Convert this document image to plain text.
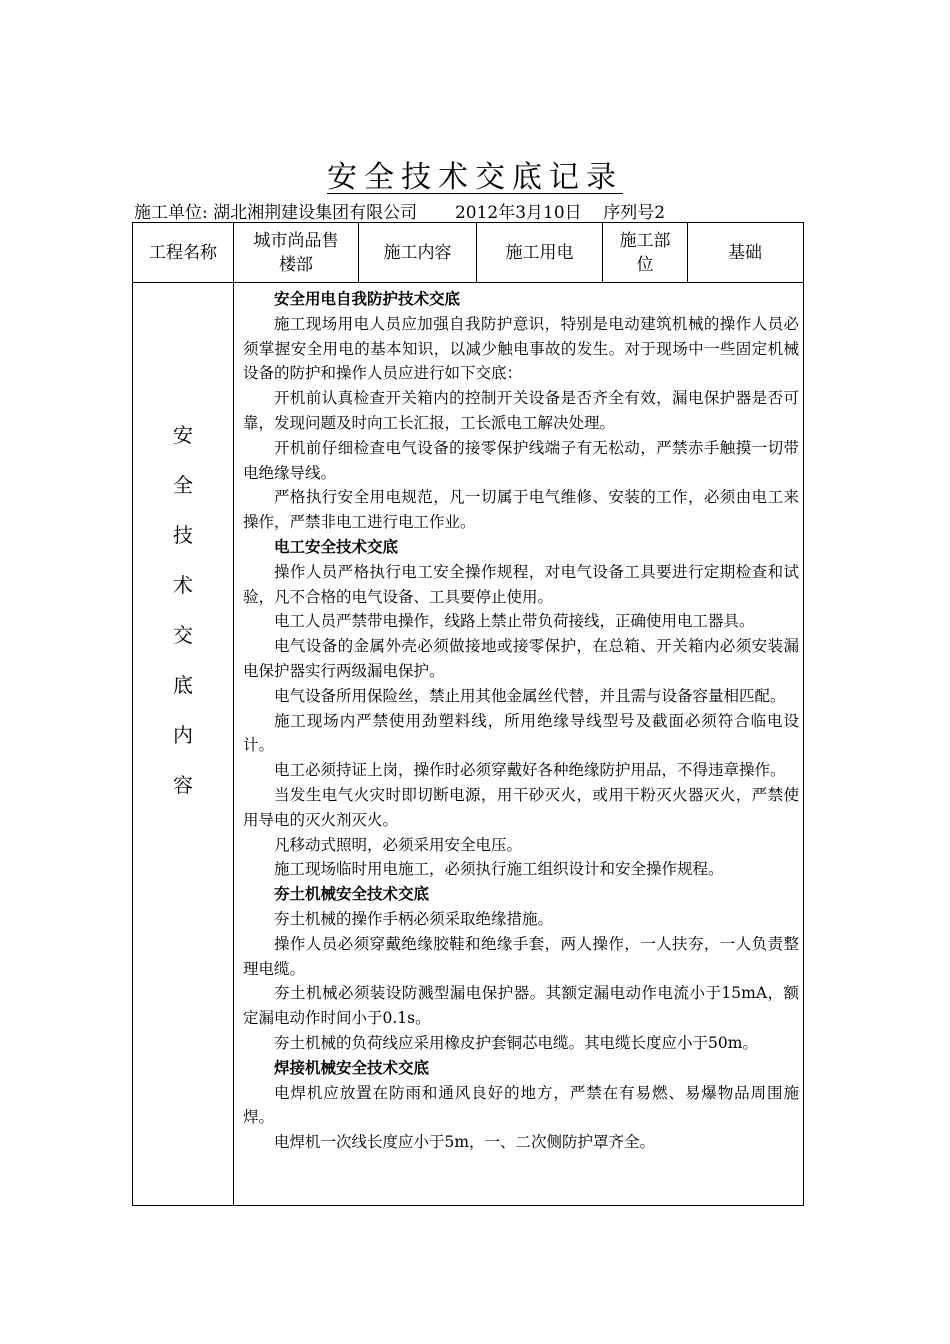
安全技术交底记录
施工单位: 湖北湘荆建设集团有限公司       2012年3月10日    序列号2
工程名称
城市尚品售楼部
施工内容	施工用电
施工部位
基础
安
全
技
术
交
底
内
容

安全用电自我防护技术交底

施工现场用电人员应加强自我防护意识，特别是电动建筑机械的操作人员必须掌握安全用电的基本知识，以减少触电事故的发生。对于现场中一些固定机械设备的防护和操作人员应进行如下交底：

开机前认真检查开关箱内的控制开关设备是否齐全有效，漏电保护器是否可靠，发现问题及时向工长汇报，工长派电工解决处理。

开机前仔细检查电气设备的接零保护线端子有无松动，严禁赤手触摸一切带电绝缘导线。

严格执行安全用电规范，凡一切属于电气维修、安装的工作，必须由电工来操作，严禁非电工进行电工作业。

电工安全技术交底

操作人员严格执行电工安全操作规程，对电气设备工具要进行定期检查和试验，凡不合格的电气设备、工具要停止使用。

电工人员严禁带电操作，线路上禁止带负荷接线，正确使用电工器具。

电气设备的金属外壳必须做接地或接零保护，在总箱、开关箱内必须安装漏电保护器实行两级漏电保护。

电气设备所用保险丝，禁止用其他金属丝代替，并且需与设备容量相匹配。

施工现场内严禁使用劲塑料线，所用绝缘导线型号及截面必须符合临电设计。

电工必须持证上岗，操作时必须穿戴好各种绝缘防护用品，不得违章操作。

当发生电气火灾时即切断电源，用干砂灭火，或用干粉灭火器灭火，严禁使用导电的灭火剂灭火。

凡移动式照明，必须采用安全电压。

施工现场临时用电施工，必须执行施工组织设计和安全操作规程。

夯土机械安全技术交底

夯土机械的操作手柄必须采取绝缘措施。

操作人员必须穿戴绝缘胶鞋和绝缘手套，两人操作，一人扶夯，一人负责整理电缆。

夯土机械必须装设防溅型漏电保护器。其额定漏电动作电流小于15mA，额定漏电动作时间小于0.1s。

夯土机械的负荷线应采用橡皮护套铜芯电缆。其电缆长度应小于50m。

焊接机械安全技术交底

电焊机应放置在防雨和通风良好的地方，严禁在有易燃、易爆物品周围施焊。

电焊机一次线长度应小于5m，一、二次侧防护罩齐全。
